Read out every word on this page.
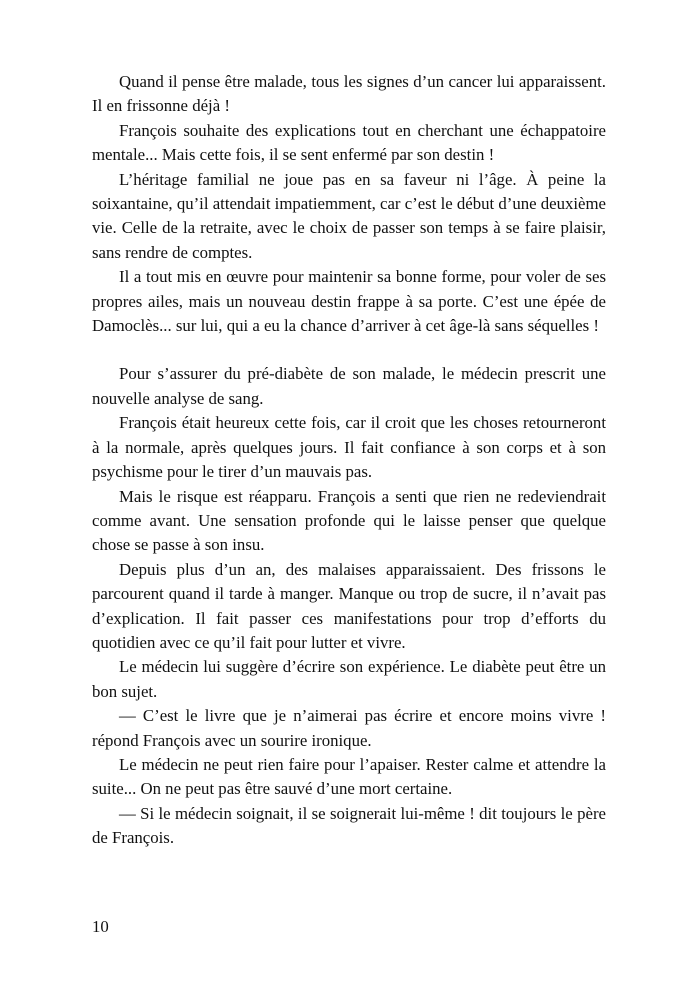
Quand il pense être malade, tous les signes d’un cancer lui apparaissent. Il en frissonne déjà !

François souhaite des explications tout en cherchant une échappatoire mentale... Mais cette fois, il se sent enfermé par son destin !

L’héritage familial ne joue pas en sa faveur ni l’âge. À peine la soixantaine, qu’il attendait impatiemment, car c’est le début d’une deuxième vie. Celle de la retraite, avec le choix de passer son temps à se faire plaisir, sans rendre de comptes.

Il a tout mis en œuvre pour maintenir sa bonne forme, pour voler de ses propres ailes, mais un nouveau destin frappe à sa porte. C’est une épée de Damoclès... sur lui, qui a eu la chance d’arriver à cet âge-là sans séquelles !

Pour s’assurer du pré-diabète de son malade, le médecin prescrit une nouvelle analyse de sang.

François était heureux cette fois, car il croit que les choses retourneront à la normale, après quelques jours. Il fait confiance à son corps et à son psychisme pour le tirer d’un mauvais pas.

Mais le risque est réapparu. François a senti que rien ne redeviendrait comme avant. Une sensation profonde qui le laisse penser que quelque chose se passe à son insu.

Depuis plus d’un an, des malaises apparaissaient. Des frissons le parcourent quand il tarde à manger. Manque ou trop de sucre, il n’avait pas d’explication. Il fait passer ces manifestations pour trop d’efforts du quotidien avec ce qu’il fait pour lutter et vivre.

Le médecin lui suggère d’écrire son expérience. Le diabète peut être un bon sujet.

— C’est le livre que je n’aimerai pas écrire et encore moins vivre ! répond François avec un sourire ironique.

Le médecin ne peut rien faire pour l’apaiser. Rester calme et attendre la suite... On ne peut pas être sauvé d’une mort certaine.

— Si le médecin soignait, il se soignerait lui-même ! dit toujours le père de François.

10
